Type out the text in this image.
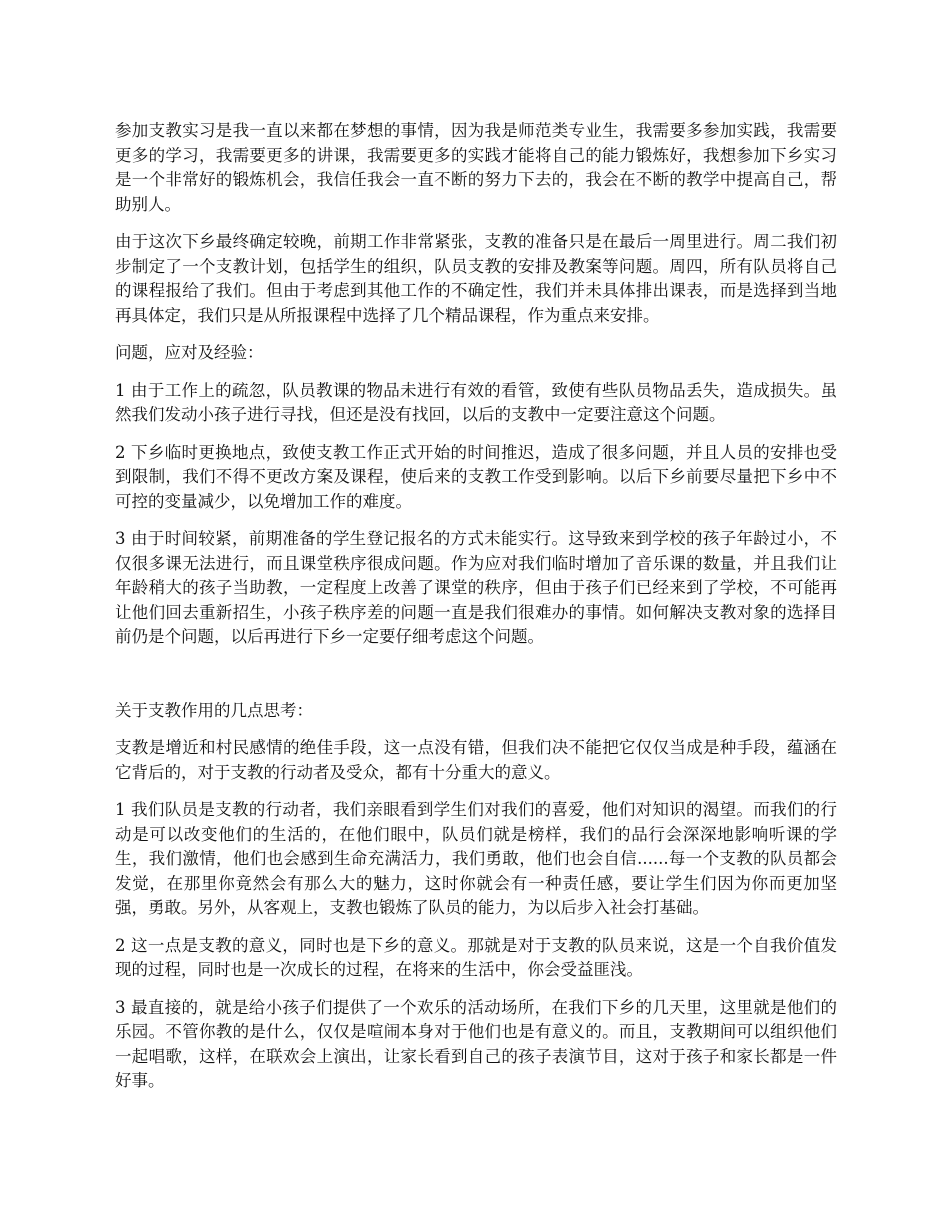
参加支教实习是我一直以来都在梦想的事情，因为我是师范类专业生，我需要多参加实践，我需要更多的学习，我需要更多的讲课，我需要更多的实践才能将自己的能力锻炼好，我想参加下乡实习是一个非常好的锻炼机会，我信任我会一直不断的努力下去的，我会在不断的教学中提高自己，帮助别人。

由于这次下乡最终确定较晚，前期工作非常紧张，支教的准备只是在最后一周里进行。周二我们初步制定了一个支教计划，包括学生的组织，队员支教的安排及教案等问题。周四，所有队员将自己的课程报给了我们。但由于考虑到其他工作的不确定性，我们并未具体排出课表，而是选择到当地再具体定，我们只是从所报课程中选择了几个精品课程，作为重点来安排。

问题，应对及经验：

1 由于工作上的疏忽，队员教课的物品未进行有效的看管，致使有些队员物品丢失，造成损失。虽然我们发动小孩子进行寻找，但还是没有找回，以后的支教中一定要注意这个问题。

2 下乡临时更换地点，致使支教工作正式开始的时间推迟，造成了很多问题，并且人员的安排也受到限制，我们不得不更改方案及课程，使后来的支教工作受到影响。以后下乡前要尽量把下乡中不可控的变量减少，以免增加工作的难度。

3 由于时间较紧，前期准备的学生登记报名的方式未能实行。这导致来到学校的孩子年龄过小，不仅很多课无法进行，而且课堂秩序很成问题。作为应对我们临时增加了音乐课的数量，并且我们让年龄稍大的孩子当助教，一定程度上改善了课堂的秩序，但由于孩子们已经来到了学校，不可能再让他们回去重新招生，小孩子秩序差的问题一直是我们很难办的事情。如何解决支教对象的选择目前仍是个问题，以后再进行下乡一定要仔细考虑这个问题。

关于支教作用的几点思考：

支教是增近和村民感情的绝佳手段，这一点没有错，但我们决不能把它仅仅当成是种手段，蕴涵在它背后的，对于支教的行动者及受众，都有十分重大的意义。

1 我们队员是支教的行动者，我们亲眼看到学生们对我们的喜爱，他们对知识的渴望。而我们的行动是可以改变他们的生活的，在他们眼中，队员们就是榜样，我们的品行会深深地影响听课的学生，我们激情，他们也会感到生命充满活力，我们勇敢，他们也会自信......每一个支教的队员都会发觉，在那里你竟然会有那么大的魅力，这时你就会有一种责任感，要让学生们因为你而更加坚强，勇敢。另外，从客观上，支教也锻炼了队员的能力，为以后步入社会打基础。

2 这一点是支教的意义，同时也是下乡的意义。那就是对于支教的队员来说，这是一个自我价值发现的过程，同时也是一次成长的过程，在将来的生活中，你会受益匪浅。

3 最直接的，就是给小孩子们提供了一个欢乐的活动场所，在我们下乡的几天里，这里就是他们的乐园。不管你教的是什么，仅仅是喧闹本身对于他们也是有意义的。而且，支教期间可以组织他们一起唱歌，这样，在联欢会上演出，让家长看到自己的孩子表演节目，这对于孩子和家长都是一件好事。
